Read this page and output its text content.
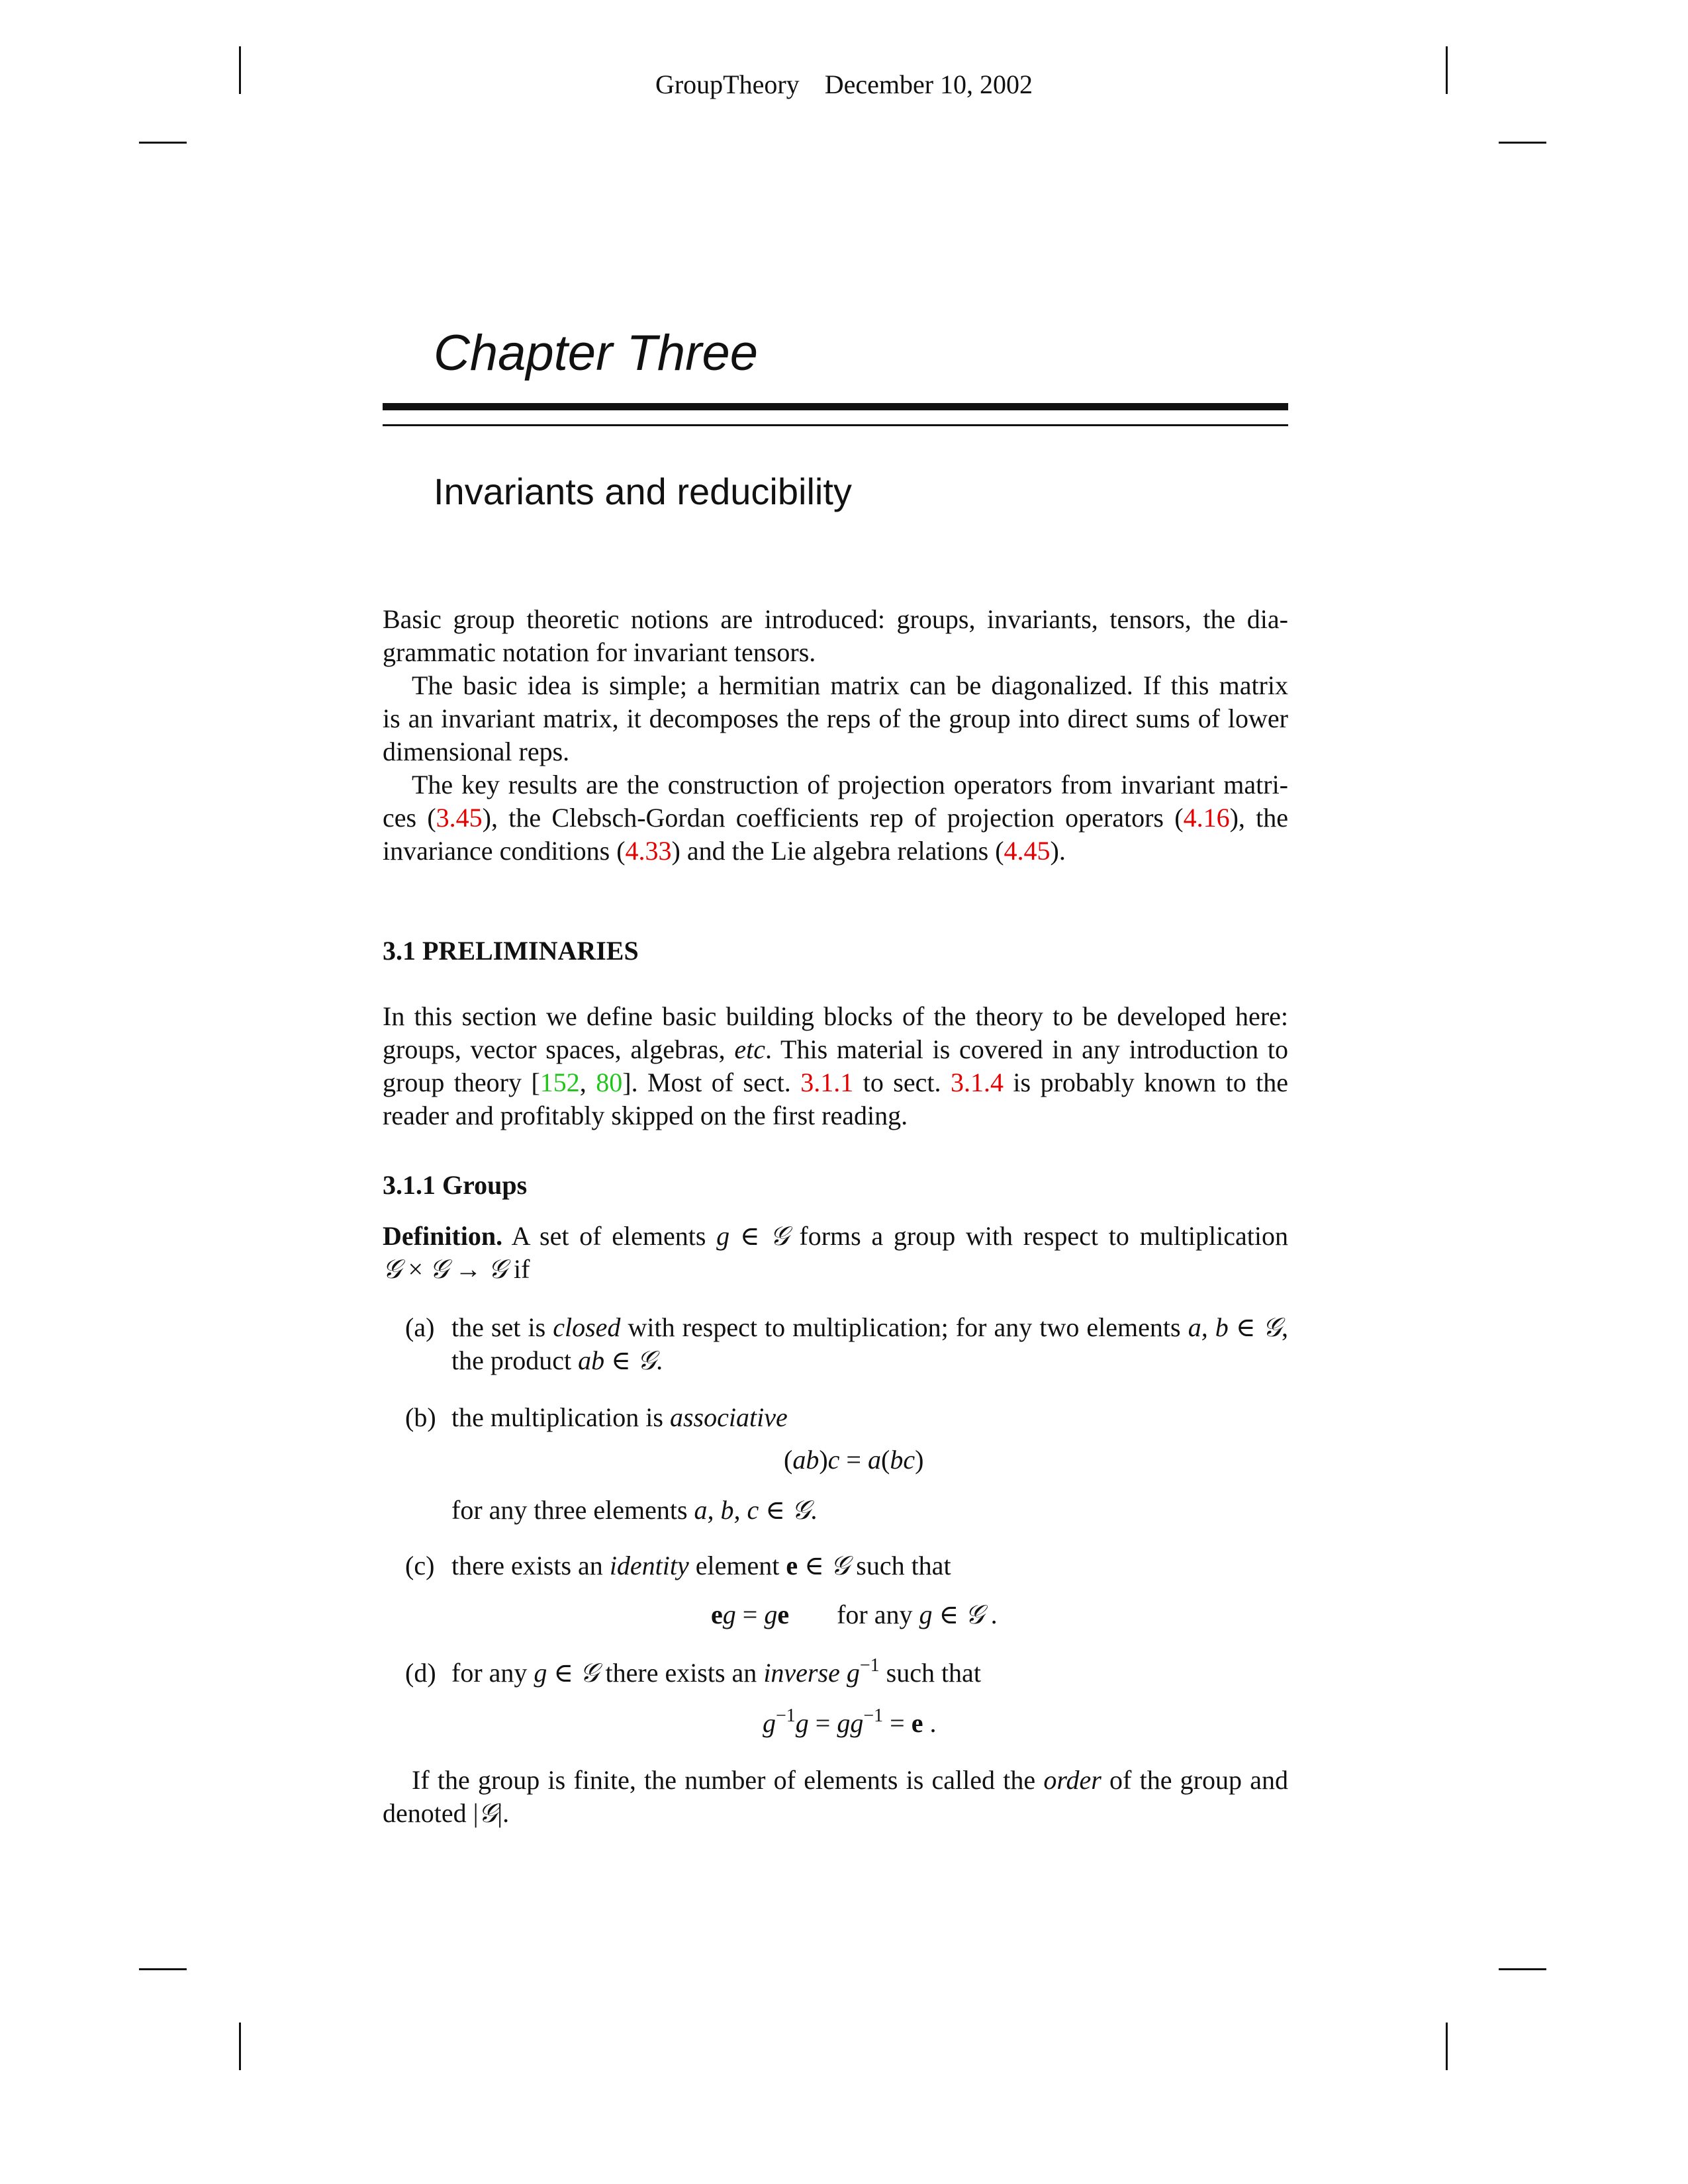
GroupTheory December 10, 2002
Chapter Three
Invariants and reducibility
Basic group theoretic notions are introduced: groups, invariants, tensors, the dia-
grammatic notation for invariant tensors.
The basic idea is simple; a hermitian matrix can be diagonalized. If this matrix
is an invariant matrix, it decomposes the reps of the group into direct sums of lower
dimensional reps.
The key results are the construction of projection operators from invariant matri-
ces (3.45), the Clebsch-Gordan coefficients rep of projection operators (4.16), the
invariance conditions (4.33) and the Lie algebra relations (4.45).
3.1 PRELIMINARIES
In this section we define basic building blocks of the theory to be developed here:
groups, vector spaces, algebras, etc. This material is covered in any introduction to
group theory [152, 80]. Most of sect. 3.1.1 to sect. 3.1.4 is probably known to the
reader and profitably skipped on the first reading.
3.1.1 Groups
Definition. A set of elements g ∈ 𝒢 forms a group with respect to multiplication
𝒢 × 𝒢 → 𝒢 if
(a) the set is closed with respect to multiplication; for any two elements a, b ∈ 𝒢,
the product ab ∈ 𝒢.
(b) the multiplication is associative
(ab)c = a(bc)
for any three elements a, b, c ∈ 𝒢.
(c) there exists an identity element e ∈ 𝒢 such that
eg = ge for any g ∈ 𝒢 .
(d) for any g ∈ 𝒢 there exists an inverse $g^{-1}$ such that
$g^{-1}g = gg^{-1} = e$ .
If the group is finite, the number of elements is called the order of the group and
denoted |𝒢|.
